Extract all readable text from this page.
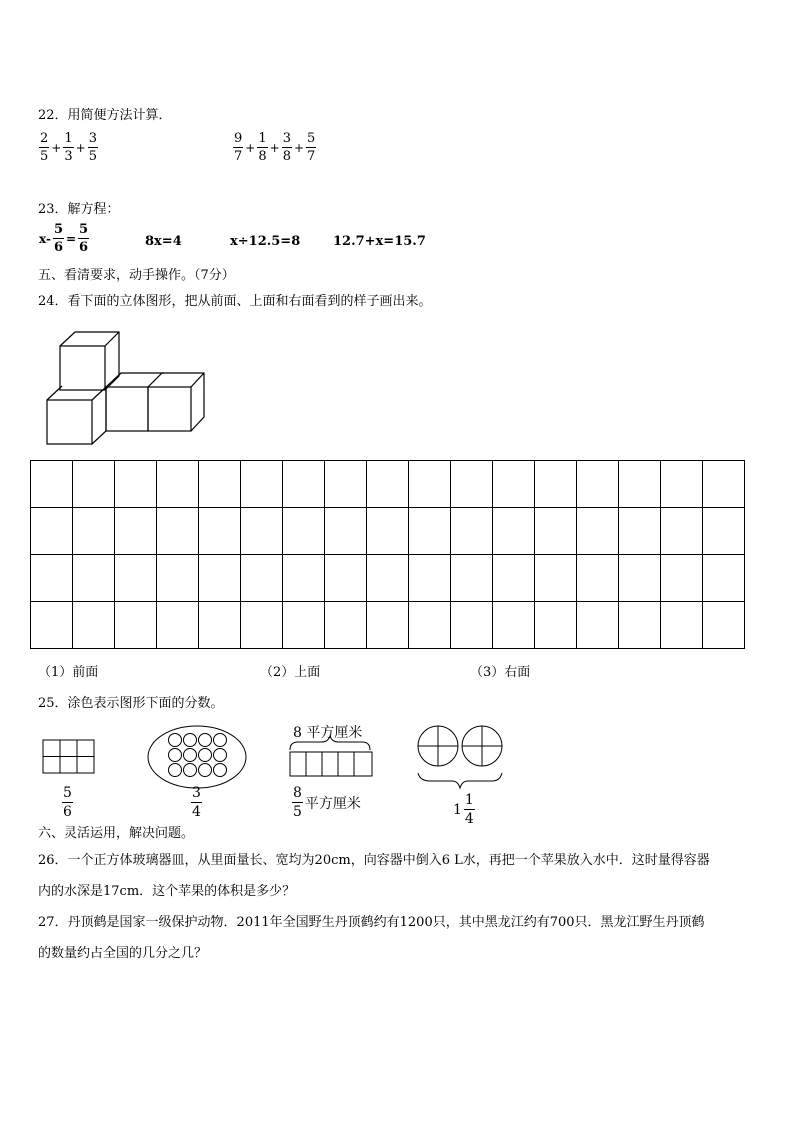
22．用简便方法计算．
$\frac{2}{5} + \frac{1}{3} + \frac{3}{5}$	$\frac{9}{7} + \frac{1}{8} + \frac{3}{8} + \frac{5}{7}$
23．解方程：
$x- \frac{5}{6} = \frac{5}{6}$	8x=4	x÷12.5=8	12.7+x=15.7
五、看清要求，动手操作。（7分）
24．看下面的立体图形，把从前面、上面和右面看到的样子画出来。

（1）前面	（2）上面	（3）右面
25．涂色表示图形下面的分数。
8 平方厘米
$\frac{5}{6}$	$\frac{3}{4}$	$\frac{8}{5}$ 平方厘米	$1 \frac{1}{4}$
六、灵活运用，解决问题。
26．一个正方体玻璃器皿，从里面量长、宽均为20cm，向容器中倒入6 L水，再把一个苹果放入水中．这时量得容器
内的水深是17cm．这个苹果的体积是多少？
27．丹顶鹤是国家一级保护动物．2011年全国野生丹顶鹤约有1200只，其中黑龙江约有700只．黑龙江野生丹顶鹤
的数量约占全国的几分之几？
